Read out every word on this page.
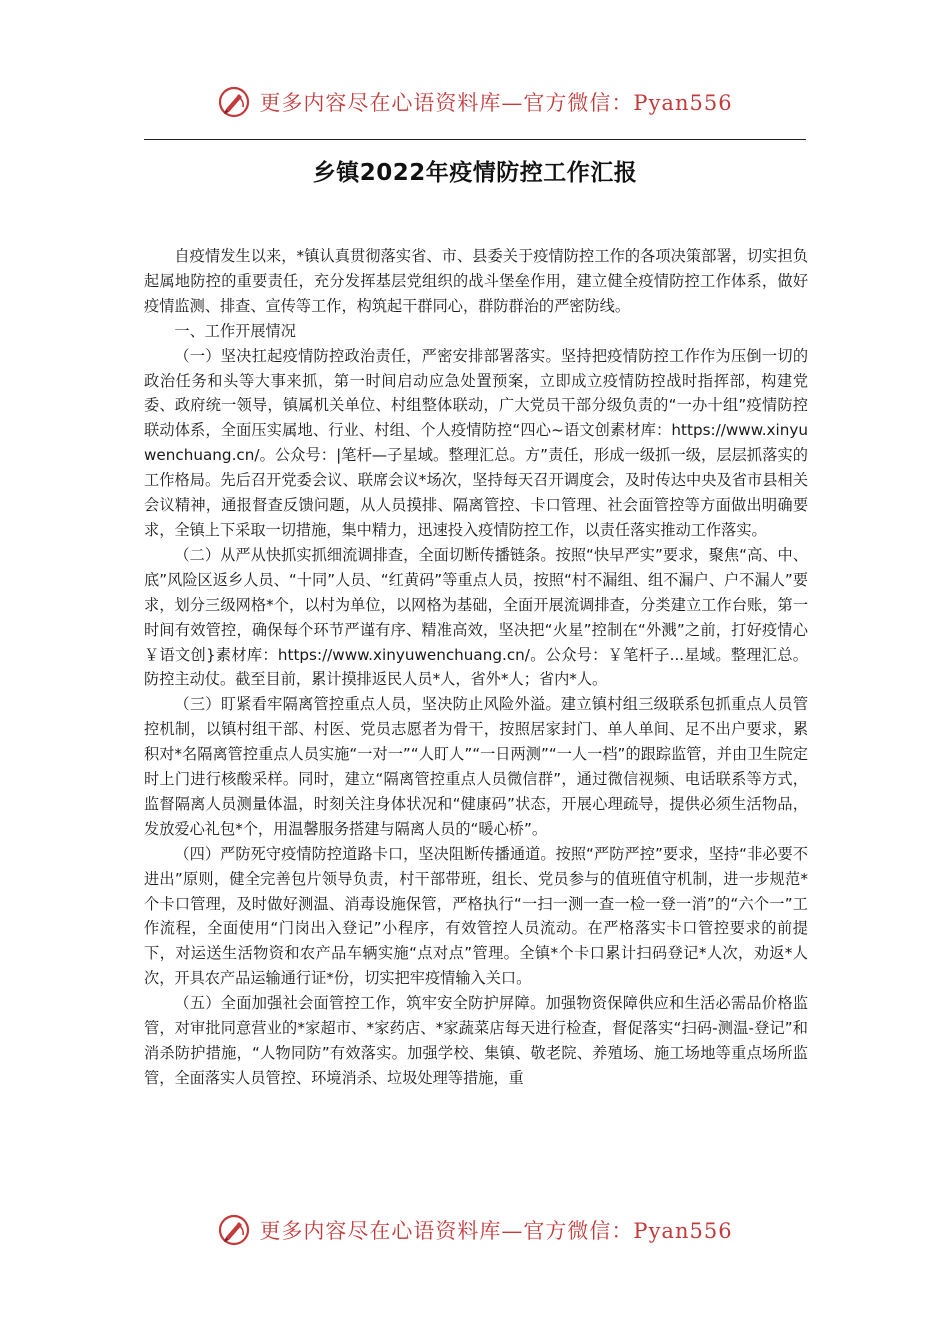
更多内容尽在心语资料库—官方微信：Pyan556
乡镇2022年疫情防控工作汇报

自疫情发生以来，*镇认真贯彻落实省、市、县委关于疫情防控工作的各项决策部署，切实担负起属地防控的重要责任，充分发挥基层党组织的战斗堡垒作用，建立健全疫情防控工作体系，做好疫情监测、排查、宣传等工作，构筑起干群同心，群防群治的严密防线。

一、工作开展情况

（一）坚决扛起疫情防控政治责任，严密安排部署落实。坚持把疫情防控工作作为压倒一切的政治任务和头等大事来抓，第一时间启动应急处置预案，立即成立疫情防控战时指挥部，构建党委、政府统一领导，镇属机关单位、村组整体联动，广大党员干部分级负责的“一办十组”疫情防控联动体系，全面压实属地、行业、村组、个人疫情防控“四心~语文创素材库：https://www.xinyuwenchuang.cn/。公众号：|笔杆—子星域。整理汇总。方”责任，形成一级抓一级，层层抓落实的工作格局。先后召开党委会议、联席会议*场次，坚持每天召开调度会，及时传达中央及省市县相关会议精神，通报督查反馈问题，从人员摸排、隔离管控、卡口管理、社会面管控等方面做出明确要求，全镇上下采取一切措施，集中精力，迅速投入疫情防控工作，以责任落实推动工作落实。

（二）从严从快抓实抓细流调排查，全面切断传播链条。按照“快早严实”要求，聚焦“高、中、底”风险区返乡人员、“十同”人员、“红黄码”等重点人员，按照“村不漏组、组不漏户、户不漏人”要求，划分三级网格*个，以村为单位，以网格为基础，全面开展流调排查，分类建立工作台账，第一时间有效管控，确保每个环节严谨有序、精准高效，坚决把“火星”控制在“外溅”之前，打好疫情心￥语文创}素材库：https://www.xinyuwenchuang.cn/。公众号：￥笔杆子...星域。整理汇总。防控主动仗。截至目前，累计摸排返民人员*人，省外*人；省内*人。

（三）盯紧看牢隔离管控重点人员，坚决防止风险外溢。建立镇村组三级联系包抓重点人员管控机制，以镇村组干部、村医、党员志愿者为骨干，按照居家封门、单人单间、足不出户要求，累积对*名隔离管控重点人员实施“一对一”“人盯人”“一日两测”“一人一档”的跟踪监管，并由卫生院定时上门进行核酸采样。同时，建立“隔离管控重点人员微信群”，通过微信视频、电话联系等方式，监督隔离人员测量体温，时刻关注身体状况和“健康码”状态，开展心理疏导，提供必须生活物品，发放爱心礼包*个，用温馨服务搭建与隔离人员的“暖心桥”。

（四）严防死守疫情防控道路卡口，坚决阻断传播通道。按照“严防严控”要求，坚持“非必要不进出”原则，健全完善包片领导负责，村干部带班，组长、党员参与的值班值守机制，进一步规范*个卡口管理，及时做好测温、消毒设施保管，严格执行“一扫一测一查一检一登一消”的“六个一”工作流程，全面使用“门岗出入登记”小程序，有效管控人员流动。在严格落实卡口管控要求的前提下，对运送生活物资和农产品车辆实施“点对点”管理。全镇*个卡口累计扫码登记*人次，劝返*人次，开具农产品运输通行证*份，切实把牢疫情输入关口。

（五）全面加强社会面管控工作，筑牢安全防护屏障。加强物资保障供应和生活必需品价格监管，对审批同意营业的*家超市、*家药店、*家蔬菜店每天进行检查，督促落实“扫码-测温-登记”和消杀防护措施，“人物同防”有效落实。加强学校、集镇、敬老院、养殖场、施工场地等重点场所监管，全面落实人员管控、环境消杀、垃圾处理等措施，重

更多内容尽在心语资料库—官方微信：Pyan556
